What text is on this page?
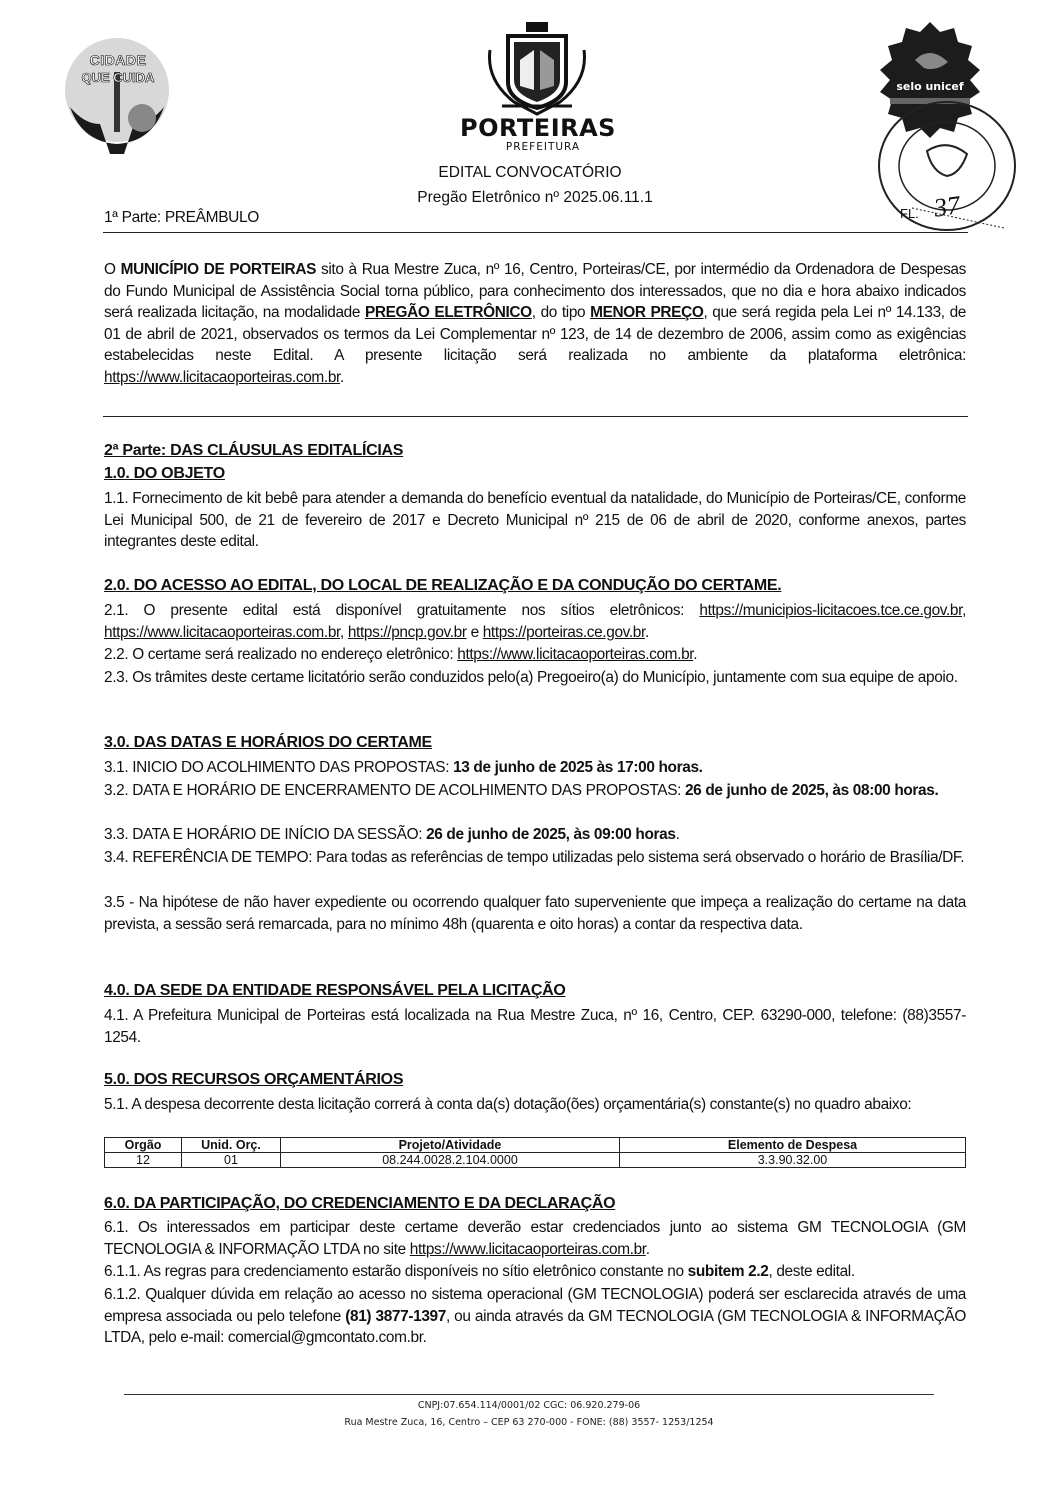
CIDADE
QUE CUIDA
PORTEIRAS
PREFEITURA
EDITAL CONVOCATÓRIO
Pregão Eletrônico nº 2025.06.11.1
selo unicef
FL. 37
1ª Parte: PREÂMBULO
O MUNICÍPIO DE PORTEIRAS sito à Rua Mestre Zuca, nº 16, Centro, Porteiras/CE, por intermédio da Ordenadora de Despesas do Fundo Municipal de Assistência Social torna público, para conhecimento dos interessados, que no dia e hora abaixo indicados será realizada licitação, na modalidade PREGÃO ELETRÔNICO, do tipo MENOR PREÇO, que será regida pela Lei nº 14.133, de 01 de abril de 2021, observados os termos da Lei Complementar nº 123, de 14 de dezembro de 2006, assim como as exigências estabelecidas neste Edital. A presente licitação será realizada no ambiente da plataforma eletrônica: https://www.licitacaoporteiras.com.br.
2ª Parte: DAS CLÁUSULAS EDITALÍCIAS
1.0. DO OBJETO
1.1. Fornecimento de kit bebê para atender a demanda do benefício eventual da natalidade, do Município de Porteiras/CE, conforme Lei Municipal 500, de 21 de fevereiro de 2017 e Decreto Municipal nº 215 de 06 de abril de 2020, conforme anexos, partes integrantes deste edital.
2.0. DO ACESSO AO EDITAL, DO LOCAL DE REALIZAÇÃO E DA CONDUÇÃO DO CERTAME.
2.1. O presente edital está disponível gratuitamente nos sítios eletrônicos: https://municipios-licitacoes.tce.ce.gov.br, https://www.licitacaoporteiras.com.br, https://pncp.gov.br e https://porteiras.ce.gov.br.
2.2. O certame será realizado no endereço eletrônico: https://www.licitacaoporteiras.com.br.
2.3. Os trâmites deste certame licitatório serão conduzidos pelo(a) Pregoeiro(a) do Município, juntamente com sua equipe de apoio.
3.0. DAS DATAS E HORÁRIOS DO CERTAME
3.1. INICIO DO ACOLHIMENTO DAS PROPOSTAS: 13 de junho de 2025 às 17:00 horas.
3.2. DATA E HORÁRIO DE ENCERRAMENTO DE ACOLHIMENTO DAS PROPOSTAS: 26 de junho de 2025, às 08:00 horas.
3.3. DATA E HORÁRIO DE INÍCIO DA SESSÃO: 26 de junho de 2025, às 09:00 horas.
3.4. REFERÊNCIA DE TEMPO: Para todas as referências de tempo utilizadas pelo sistema será observado o horário de Brasília/DF.
3.5 - Na hipótese de não haver expediente ou ocorrendo qualquer fato superveniente que impeça a realização do certame na data prevista, a sessão será remarcada, para no mínimo 48h (quarenta e oito horas) a contar da respectiva data.
4.0. DA SEDE DA ENTIDADE RESPONSÁVEL PELA LICITAÇÃO
4.1. A Prefeitura Municipal de Porteiras está localizada na Rua Mestre Zuca, nº 16, Centro, CEP. 63290-000, telefone: (88)3557-1254.
5.0. DOS RECURSOS ORÇAMENTÁRIOS
5.1. A despesa decorrente desta licitação correrá à conta da(s) dotação(ões) orçamentária(s) constante(s) no quadro abaixo:
Orgão	Unid. Orç.	Projeto/Atividade	Elemento de Despesa
12	01	08.244.0028.2.104.0000	3.3.90.32.00
6.0. DA PARTICIPAÇÃO, DO CREDENCIAMENTO E DA DECLARAÇÃO
6.1. Os interessados em participar deste certame deverão estar credenciados junto ao sistema GM TECNOLOGIA (GM TECNOLOGIA & INFORMAÇÃO LTDA no site https://www.licitacaoporteiras.com.br.
6.1.1. As regras para credenciamento estarão disponíveis no sítio eletrônico constante no subitem 2.2, deste edital.
6.1.2. Qualquer dúvida em relação ao acesso no sistema operacional (GM TECNOLOGIA) poderá ser esclarecida através de uma empresa associada ou pelo telefone (81) 3877-1397, ou ainda através da GM TECNOLOGIA (GM TECNOLOGIA & INFORMAÇÃO LTDA, pelo e-mail: comercial@gmcontato.com.br.
CNPJ:07.654.114/0001/02 CGC: 06.920.279-06
Rua Mestre Zuca, 16, Centro – CEP 63 270-000 - FONE: (88) 3557- 1253/1254
